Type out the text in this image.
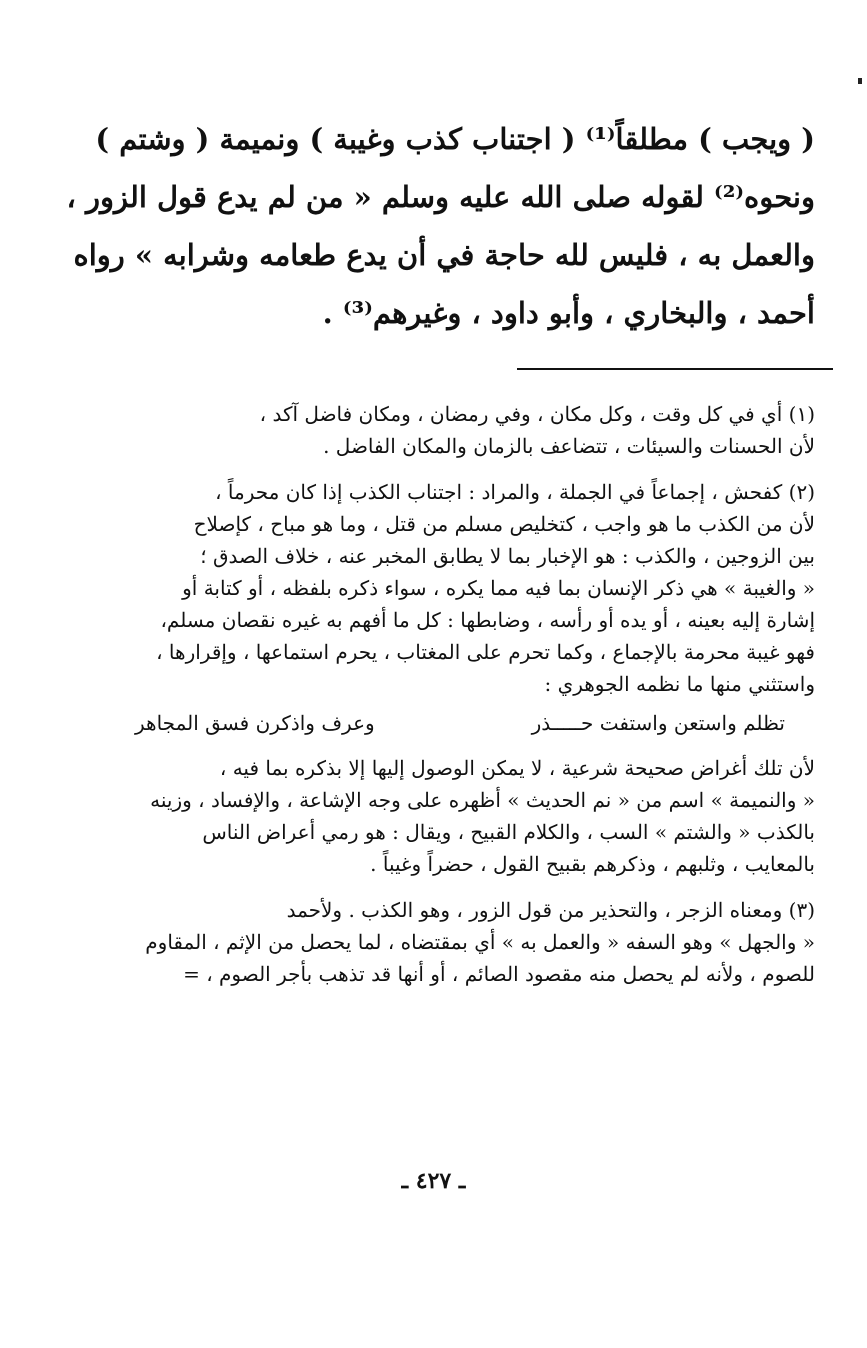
( ويجب ) مطلقاً⁽¹⁾ ( اجتناب كذب وغيبة ) ونميمة ( وشتم )
ونحوه⁽²⁾ لقوله صلى الله عليه وسلم « من لم يدع قول الزور ،
والعمل به ، فليس لله حاجة في أن يدع طعامه وشرابه » رواه
أحمد ، والبخاري ، وأبو داود ، وغيرهم⁽³⁾ .

(١) أي في كل وقت ، وكل مكان ، وفي رمضان ، ومكان فاضل آكد ،
لأن الحسنات والسيئات ، تتضاعف بالزمان والمكان الفاضل .
(٢) كفحش ، إجماعاً في الجملة ، والمراد : اجتناب الكذب إذا كان محرماً ،
لأن من الكذب ما هو واجب ، كتخليص مسلم من قتل ، وما هو مباح ، كإصلاح
بين الزوجين ، والكذب : هو الإخبار بما لا يطابق المخبر عنه ، خلاف الصدق ؛
« والغيبة » هي ذكر الإنسان بما فيه مما يكره ، سواء ذكره بلفظه ، أو كتابة أو
إشارة إليه بعينه ، أو يده أو رأسه ، وضابطها : كل ما أفهم به غيره نقصان مسلم،
فهو غيبة محرمة بالإجماع ، وكما تحرم على المغتاب ، يحرم استماعها ، وإقرارها ،
واستثني منها ما نظمه الجوهري :
تظلم واستعن واستفت حـــــذر
وعرف واذكرن فسق المجاهر
لأن تلك أغراض صحيحة شرعية ، لا يمكن الوصول إليها إلا بذكره بما فيه ،
« والنميمة » اسم من « نم الحديث » أظهره على وجه الإشاعة ، والإفساد ، وزينه
بالكذب « والشتم » السب ، والكلام القبيح ، ويقال : هو رمي أعراض الناس
بالمعايب ، وثلبهم ، وذكرهم بقبيح القول ، حضراً وغيباً .
(٣) ومعناه الزجر ، والتحذير من قول الزور ، وهو الكذب . ولأحمد
« والجهل » وهو السفه « والعمل به » أي بمقتضاه ، لما يحصل من الإثم ، المقاوم
للصوم ، ولأنه لم يحصل منه مقصود الصائم ، أو أنها قد تذهب بأجر الصوم ، =
ـ ٤٢٧ ـ
